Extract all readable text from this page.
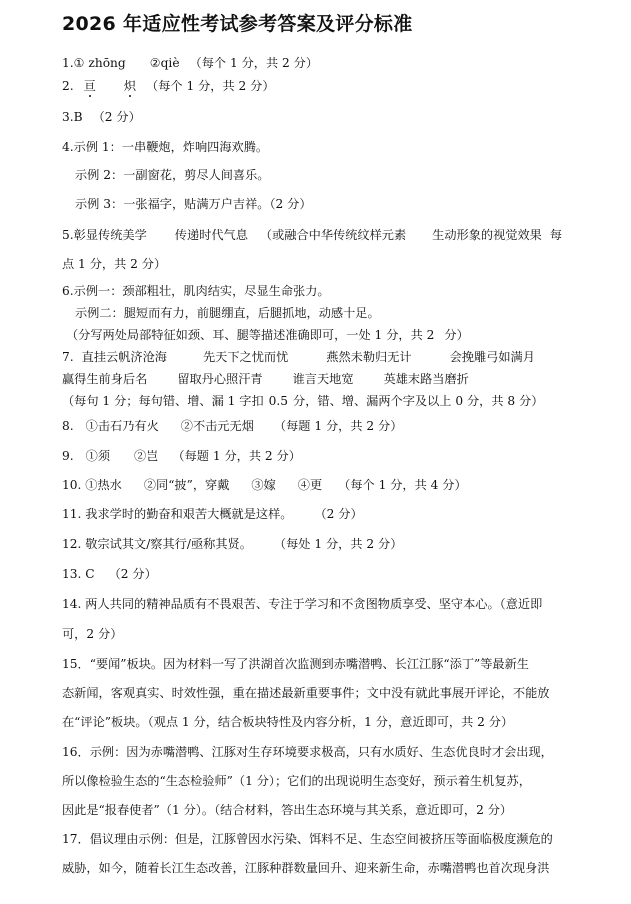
2026 年适应性考试参考答案及评分标准
1.① zhōng ②qiè （每个 1 分，共 2 分）
2. 亘 炽 （每个 1 分，共 2 分）
3.B （2 分）
4.示例 1：一串鞭炮，炸响四海欢腾。
示例 2：一副窗花，剪尽人间喜乐。
示例 3：一张福字，贴满万户吉祥。（2 分）
5.彰显传统美学 传递时代气息 （或融合中华传统纹样元素 生动形象的视觉效果 每
点 1 分，共 2 分）
6.示例一：颈部粗壮，肌肉结实，尽显生命张力。
示例二：腿短而有力，前腿绷直，后腿抓地，动感十足。
（分写两处局部特征如颈、耳、腿等描述准确即可，一处 1 分，共 2 分）
7. 直挂云帆济沧海	先天下之忧而忧	燕然未勒归无计	会挽雕弓如满月
赢得生前身后名 留取丹心照汗青 谁言天地宽 英雄末路当磨折
（每句 1 分；每句错、增、漏 1 字扣 0.5 分，错、增、漏两个字及以上 0 分，共 8 分）
8. ①击石乃有火 ②不击元无烟 （每题 1 分，共 2 分）
9. ①须 ②岂 （每题 1 分，共 2 分）
10. ①热水 ②同“披”，穿戴 ③嫁 ④更 （每个 1 分，共 4 分）
11. 我求学时的勤奋和艰苦大概就是这样。 （2 分）
12. 敬宗试其文/察其行/亟称其贤。 （每处 1 分，共 2 分）
13. C （2 分）
14. 两人共同的精神品质有不畏艰苦、专注于学习和不贪图物质享受、坚守本心。（意近即
可，2 分）
15．“要闻”板块。因为材料一写了洪湖首次监测到赤嘴潜鸭、长江江豚“添丁”等最新生
态新闻，客观真实、时效性强，重在描述最新重要事件；文中没有就此事展开评论，不能放
在“评论”板块。（观点 1 分，结合板块特性及内容分析，1 分，意近即可，共 2 分）
16．示例：因为赤嘴潜鸭、江豚对生存环境要求极高，只有水质好、生态优良时才会出现，
所以像检验生态的“生态检验师”（1 分）；它们的出现说明生态变好，预示着生机复苏，
因此是“报春使者”（1 分）。（结合材料，答出生态环境与其关系，意近即可，2 分）
17．倡议理由示例：但是，江豚曾因水污染、饵料不足、生态空间被挤压等面临极度濒危的
威胁，如今，随着长江生态改善，江豚种群数量回升、迎来新生命，赤嘴潜鸭也首次现身洪
